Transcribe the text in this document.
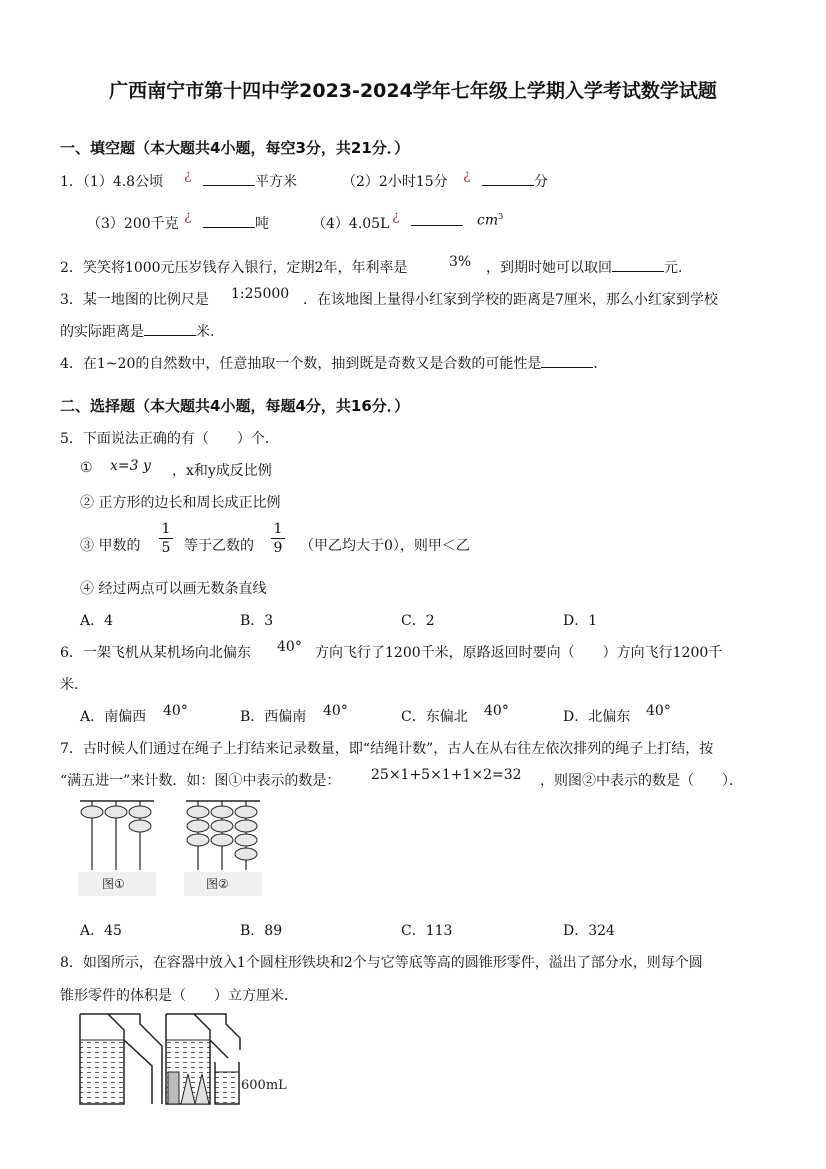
广西南宁市第十四中学2023-2024学年七年级上学期入学考试数学试题
一、填空题（本大题共4小题，每空3分，共21分．）
1．（1）4.8公顷 ¿	平方米	（2）2小时15分 ¿	分
（3）200千克 ¿	吨	（4）4.05L ¿	$cm^3$
2．笑笑将1000元压岁钱存入银行，定期2年，年利率是	3% ，到期时她可以取回	元．
3．某一地图的比例尺是 1:25000 ．在该地图上量得小红家到学校的距离是7厘米，那么小红家到学校
的实际距离是	米．
4．在1~20的自然数中，任意抽取一个数，抽到既是奇数又是合数的可能性是	．
二、选择题（本大题共4小题，每题4分，共16分．）
5．下面说法正确的有（　　）个．
① x=3 y ，x和y成反比例
② 正方形的边长和周长成正比例
③ 甲数的
1
5 等于乙数的
1
9 （甲乙均大于0），则甲＜乙
④ 经过两点可以画无数条直线
A．4	B．3	C．2	D．1
6．一架飞机从某机场向北偏东 40° 方向飞行了1200千米，原路返回时要向（　　）方向飞行1200千
米．
A．南偏西 40°	B．西偏南 40°	C．东偏北 40°	D．北偏东 40°
7．古时候人们通过在绳子上打结来记录数量，即“结绳计数”，古人在从右往左依次排列的绳子上打结，按
“满五进一”来计数．如：图①中表示的数是： 25×1+5×1+1×2=32 ，则图②中表示的数是（　　）．
图①	图②
A．45	B．89	C．113	D．324
8．如图所示，在容器中放入1个圆柱形铁块和2个与它等底等高的圆锥形零件，溢出了部分水，则每个圆
锥形零件的体积是（　　）立方厘米．
600mL
